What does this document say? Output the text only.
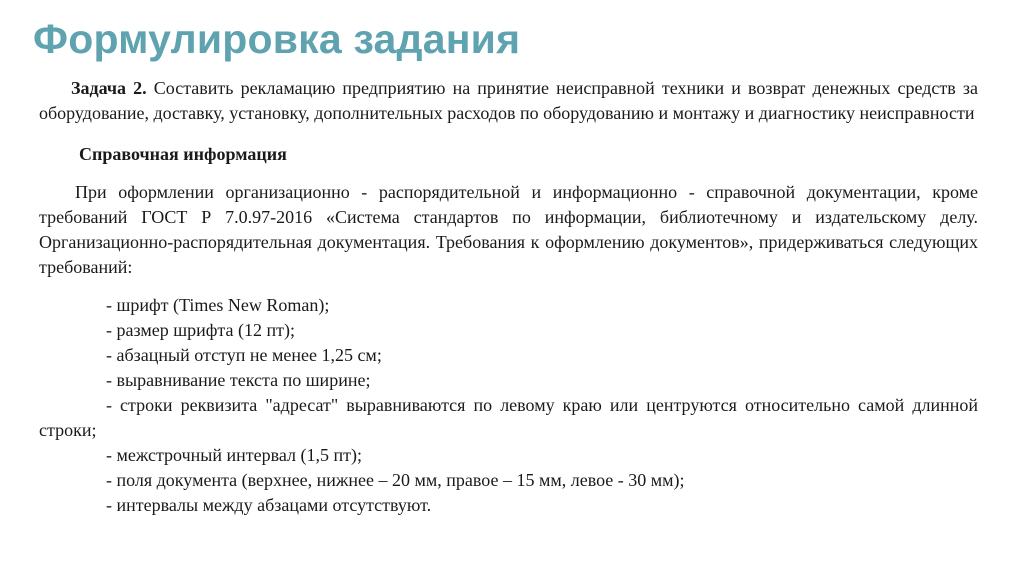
Формулировка задания

Задача 2. Составить рекламацию предприятию на принятие неисправной техники и возврат денежных средств за оборудование, доставку, установку, дополнительных расходов по оборудованию и монтажу и диагностику неисправности

Справочная информация

При оформлении организационно - распорядительной и информационно - справочной документации, кроме требований ГОСТ Р 7.0.97-2016 «Система стандартов по информации, библиотечному и издательскому делу. Организационно-распорядительная документация. Требования к оформлению документов», придерживаться следующих требований:

- шрифт (Times New Roman);
- размер шрифта (12 пт);
- абзацный отступ не менее 1,25 см;
- выравнивание текста по ширине;
- строки реквизита "адресат" выравниваются по левому краю или центруются относительно самой длинной строки;
- межстрочный интервал (1,5 пт);
- поля документа (верхнее, нижнее – 20 мм, правое – 15 мм, левое - 30 мм);
- интервалы между абзацами отсутствуют.
